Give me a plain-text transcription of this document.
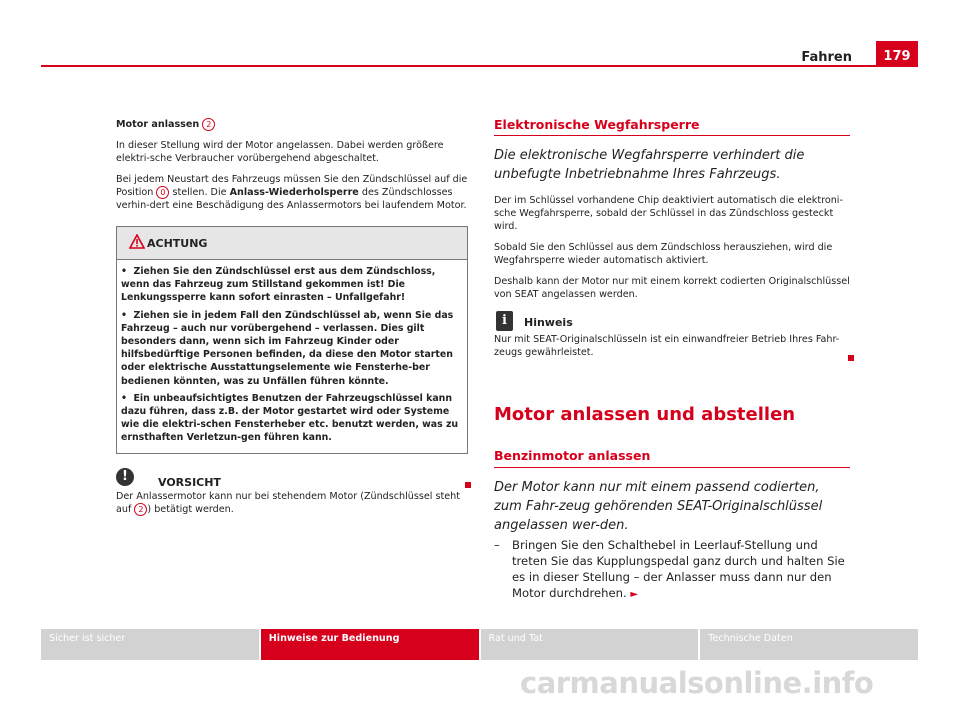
Fahren	179

Motor anlassen 2

In dieser Stellung wird der Motor angelassen. Dabei werden größere elektri-sche Verbraucher vorübergehend abgeschaltet.

Bei jedem Neustart des Fahrzeugs müssen Sie den Zündschlüssel auf die Position 0 stellen. Die Anlass-Wiederholsperre des Zündschlosses verhin-dert eine Beschädigung des Anlassermotors bei laufendem Motor.

ACHTUNG

•  Ziehen Sie den Zündschlüssel erst aus dem Zündschloss, wenn das Fahrzeug zum Stillstand gekommen ist! Die Lenkungssperre kann sofort einrasten – Unfallgefahr!

•  Ziehen sie in jedem Fall den Zündschlüssel ab, wenn Sie das Fahrzeug – auch nur vorübergehend – verlassen. Dies gilt besonders dann, wenn sich im Fahrzeug Kinder oder hilfsbedürftige Personen befinden, da diese den Motor starten oder elektrische Ausstattungselemente wie Fensterhe-ber bedienen könnten, was zu Unfällen führen könnte.

•  Ein unbeaufsichtigtes Benutzen der Fahrzeugschlüssel kann dazu führen, dass z.B. der Motor gestartet wird oder Systeme wie die elektri-schen Fensterheber etc. benutzt werden, was zu ernsthaften Verletzun-gen führen kann.

!	VORSICHT

Der Anlassermotor kann nur bei stehendem Motor (Zündschlüssel steht auf 2 ) betätigt werden.

Elektronische Wegfahrsperre
Die elektronische Wegfahrsperre verhindert die unbefugte Inbetriebnahme Ihres Fahrzeugs.

Der im Schlüssel vorhandene Chip deaktiviert automatisch die elektroni-sche Wegfahrsperre, sobald der Schlüssel in das Zündschloss gesteckt wird.

Sobald Sie den Schlüssel aus dem Zündschloss herausziehen, wird die Wegfahrsperre wieder automatisch aktiviert.

Deshalb kann der Motor nur mit einem korrekt codierten Originalschlüssel von SEAT angelassen werden.

i	Hinweis

Nur mit SEAT-Originalschlüsseln ist ein einwandfreier Betrieb Ihres Fahr-zeugs gewährleistet.

Motor anlassen und abstellen
Benzinmotor anlassen
Der Motor kann nur mit einem passend codierten, zum Fahr-zeug gehörenden SEAT-Originalschlüssel angelassen wer-den.
– Bringen Sie den Schalthebel in Leerlauf-Stellung und treten Sie das Kupplungspedal ganz durch und halten Sie es in dieser Stellung – der Anlasser muss dann nur den Motor durchdrehen. ►
Sicher ist sicher	Hinweise zur Bedienung	Rat und Tat	Technische Daten
carmanualsonline.info
